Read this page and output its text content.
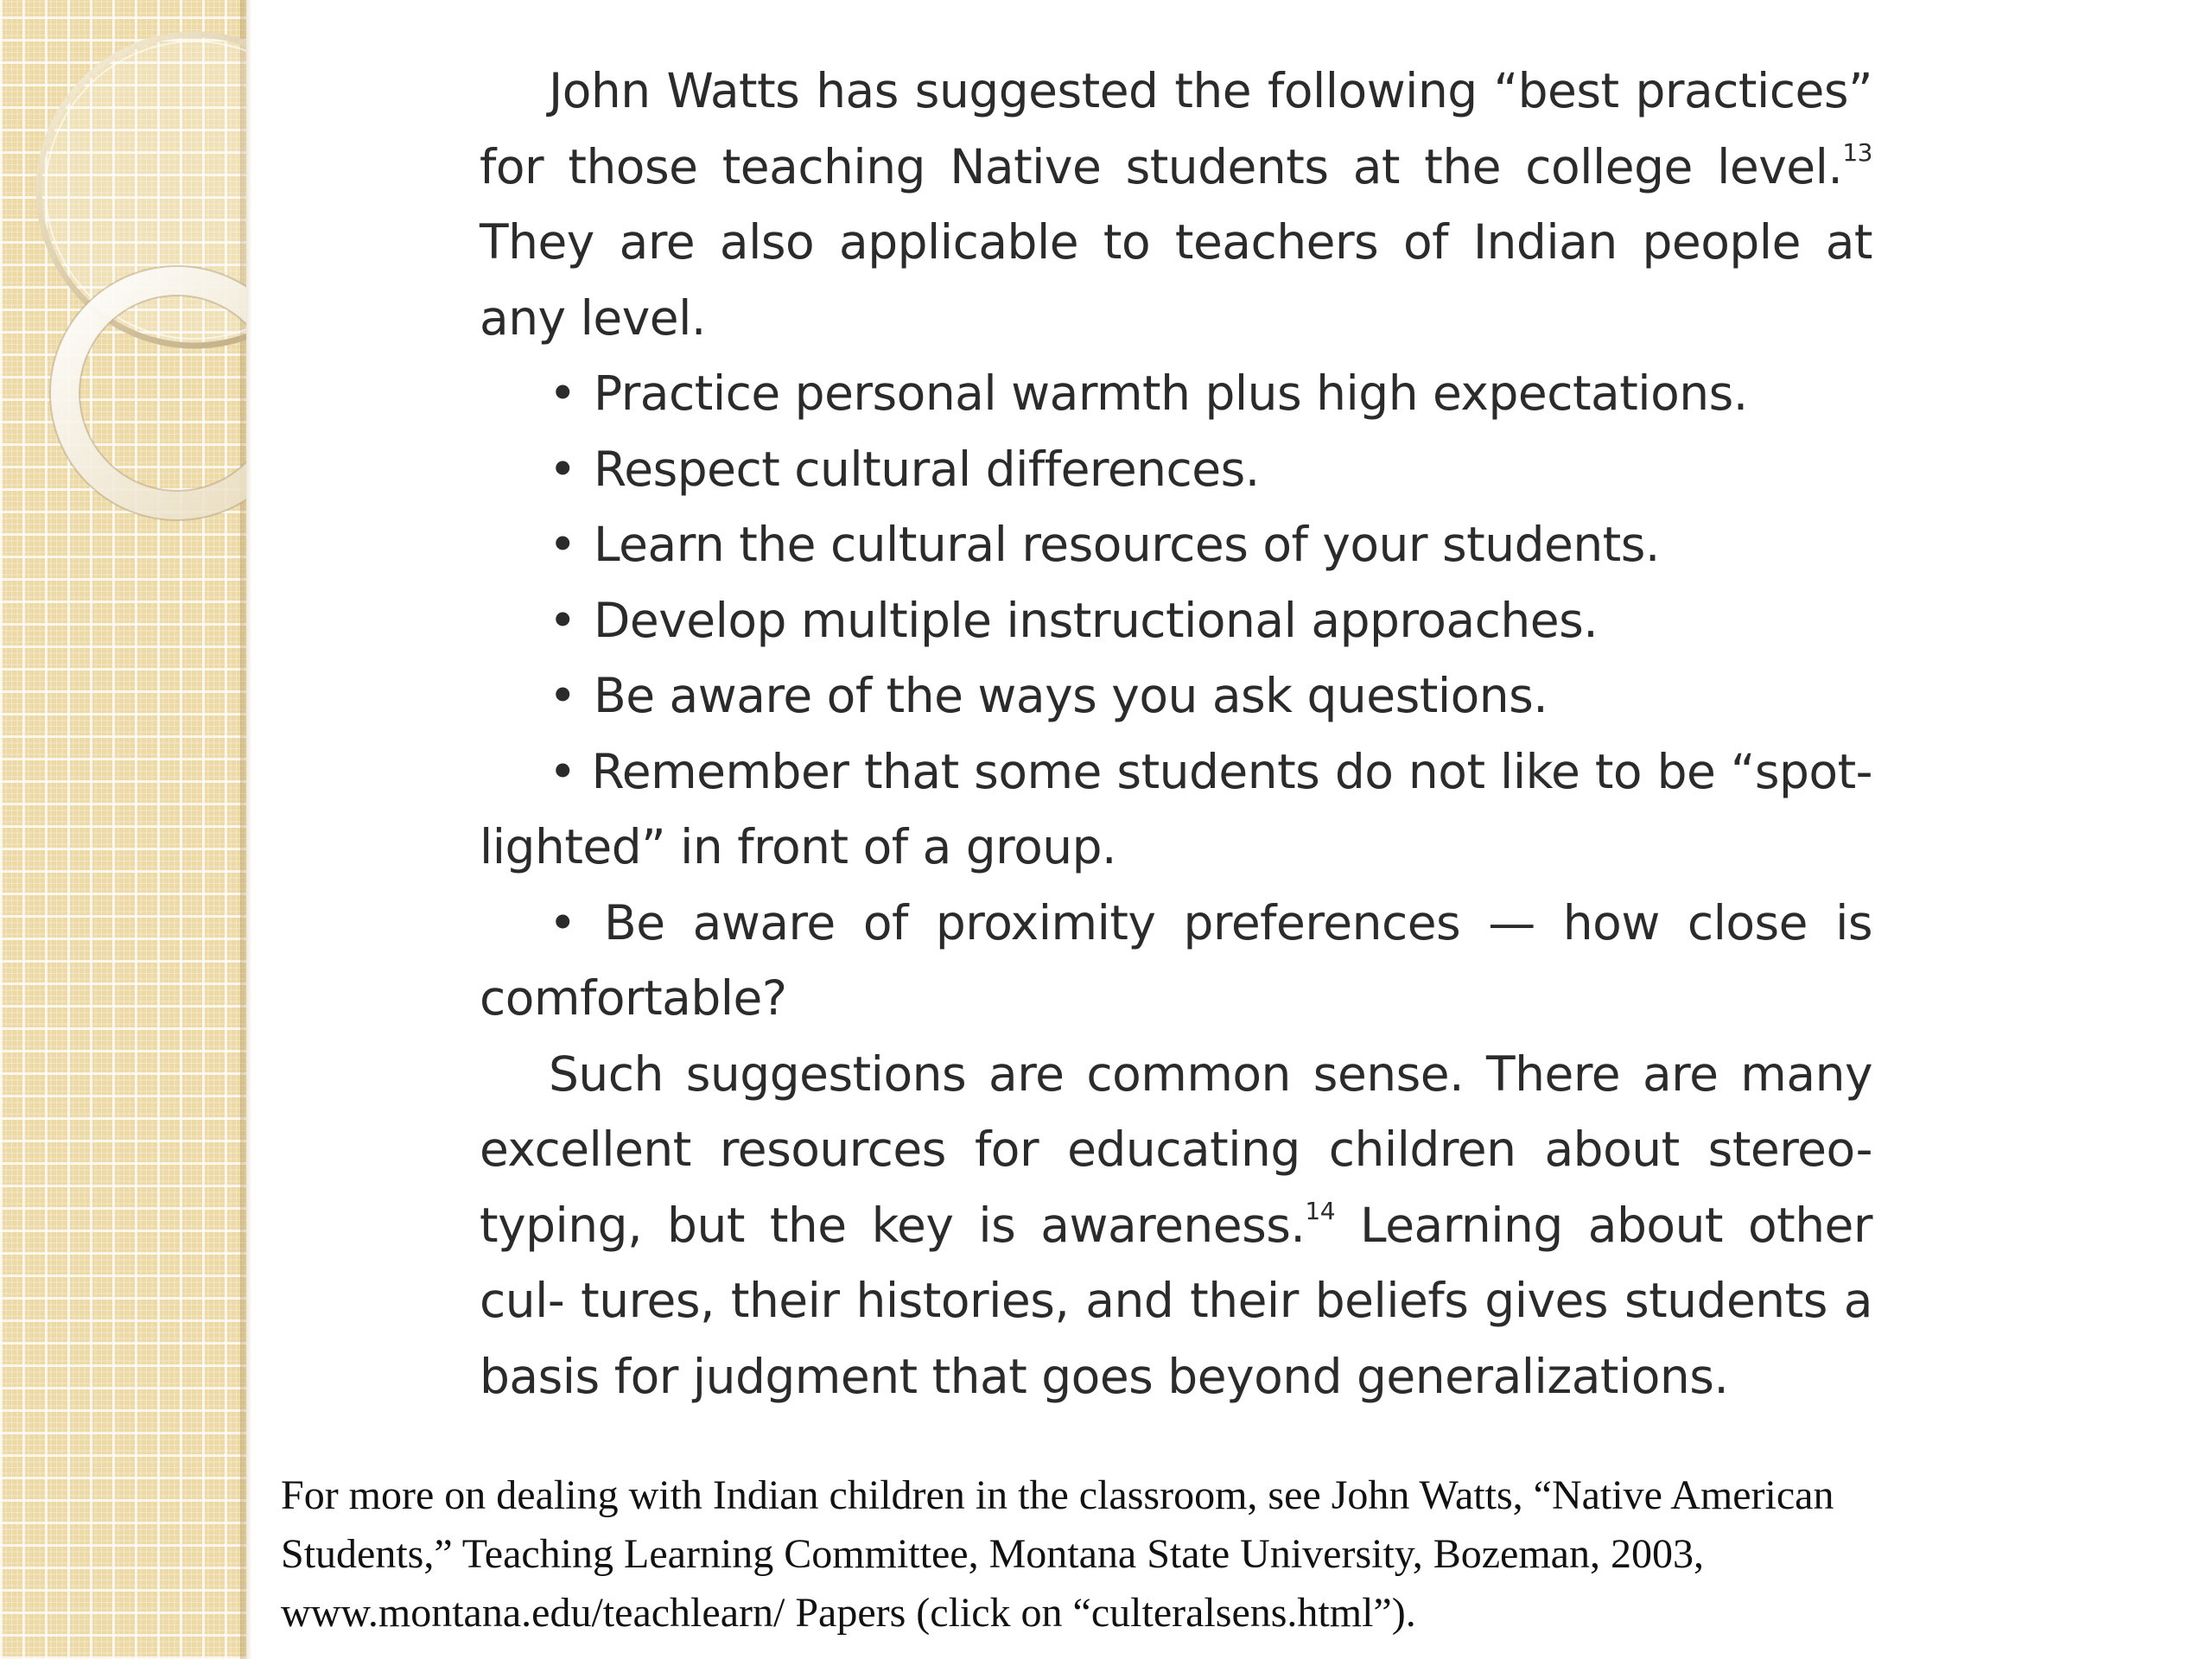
John Watts has suggested the following “best practices” for those teaching Native students at the college level.$^{13}$ They are also applicable to teachers of Indian people at any level.

• Practice personal warmth plus high expectations.
• Respect cultural differences.
• Learn the cultural resources of your students.
• Develop multiple instructional approaches.
• Be aware of the ways you ask questions.

• Remember that some students do not like to be “spot- lighted” in front of a group.

• Be aware of proximity preferences — how close is comfortable?

Such suggestions are common sense. There are many excellent resources for educating children about stereo- typing, but the key is awareness.$^{14}$ Learning about other cul- tures, their histories, and their beliefs gives students a basis for judgment that goes beyond generalizations.

For more on dealing with Indian children in the classroom, see John Watts, “Native American
Students,” Teaching Learning Committee, Montana State University, Bozeman, 2003,
www.montana.edu/teachlearn/ Papers (click on “culteralsens.html”).
